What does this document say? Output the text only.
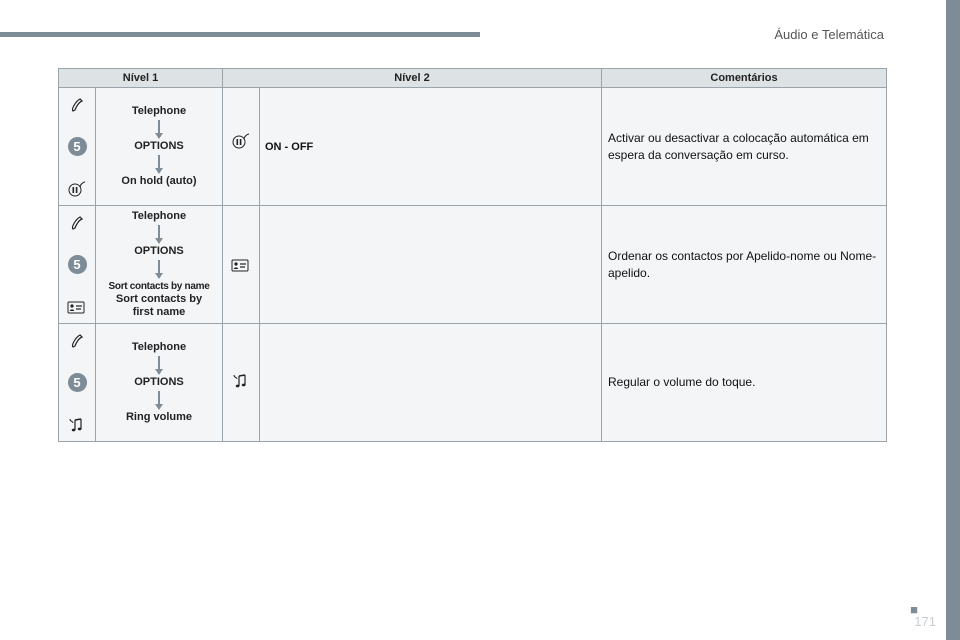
Áudio e Telemática
Nível 1		Nível 2		Comentários

5	Telephone
OPTIONS
On hold (auto)		ON - OFF	Activar ou desactivar a colocação automática em espera da conversação em curso.

5	Telephone
OPTIONS
Sort contacts by name
Sort contacts by first name			Ordenar os contactos por Apelido-nome ou Nome-apelido.

5	Telephone
OPTIONS
Ring volume			Regular o volume do toque.
■
171
